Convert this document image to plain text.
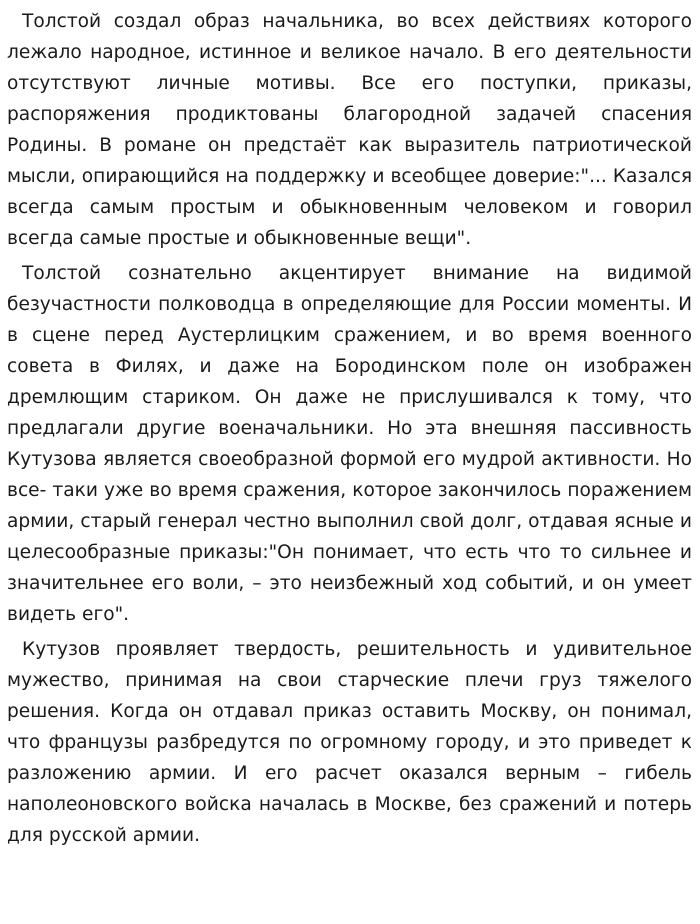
Толстой создал образ начальника, во всех действиях которого лежало народное, истинное и великое начало. В его деятельности отсутствуют личные мотивы. Все его поступки, приказы, распоряжения продиктованы благородной задачей спасения Родины. В романе он предстаёт как выразитель патриотической мысли, опирающийся на поддержку и всеобщее доверие:"... Казался всегда самым простым и обыкновенным человеком и говорил всегда самые простые и обыкновенные вещи".

Толстой сознательно акцентирует внимание на видимой безучастности полководца в определяющие для России моменты. И в сцене перед Аустерлицким сражением, и во время военного совета в Филях, и даже на Бородинском поле он изображен дремлющим стариком. Он даже не прислушивался к тому, что предлагали другие военачальники. Но эта внешняя пассивность Кутузова является своеобразной формой его мудрой активности. Но все- таки уже во время сражения, которое закончилось поражением армии, старый генерал честно выполнил свой долг, отдавая ясные и целесообразные приказы:"Он понимает, что есть что то сильнее и значительнее его воли, – это неизбежный ход событий, и он умеет видеть его".

Кутузов проявляет твердость, решительность и удивительное мужество, принимая на свои старческие плечи груз тяжелого решения. Когда он отдавал приказ оставить Москву, он понимал, что французы разбредутся по огромному городу, и это приведет к разложению армии. И его расчет оказался верным – гибель наполеоновского войска началась в Москве, без сражений и потерь для русской армии.
